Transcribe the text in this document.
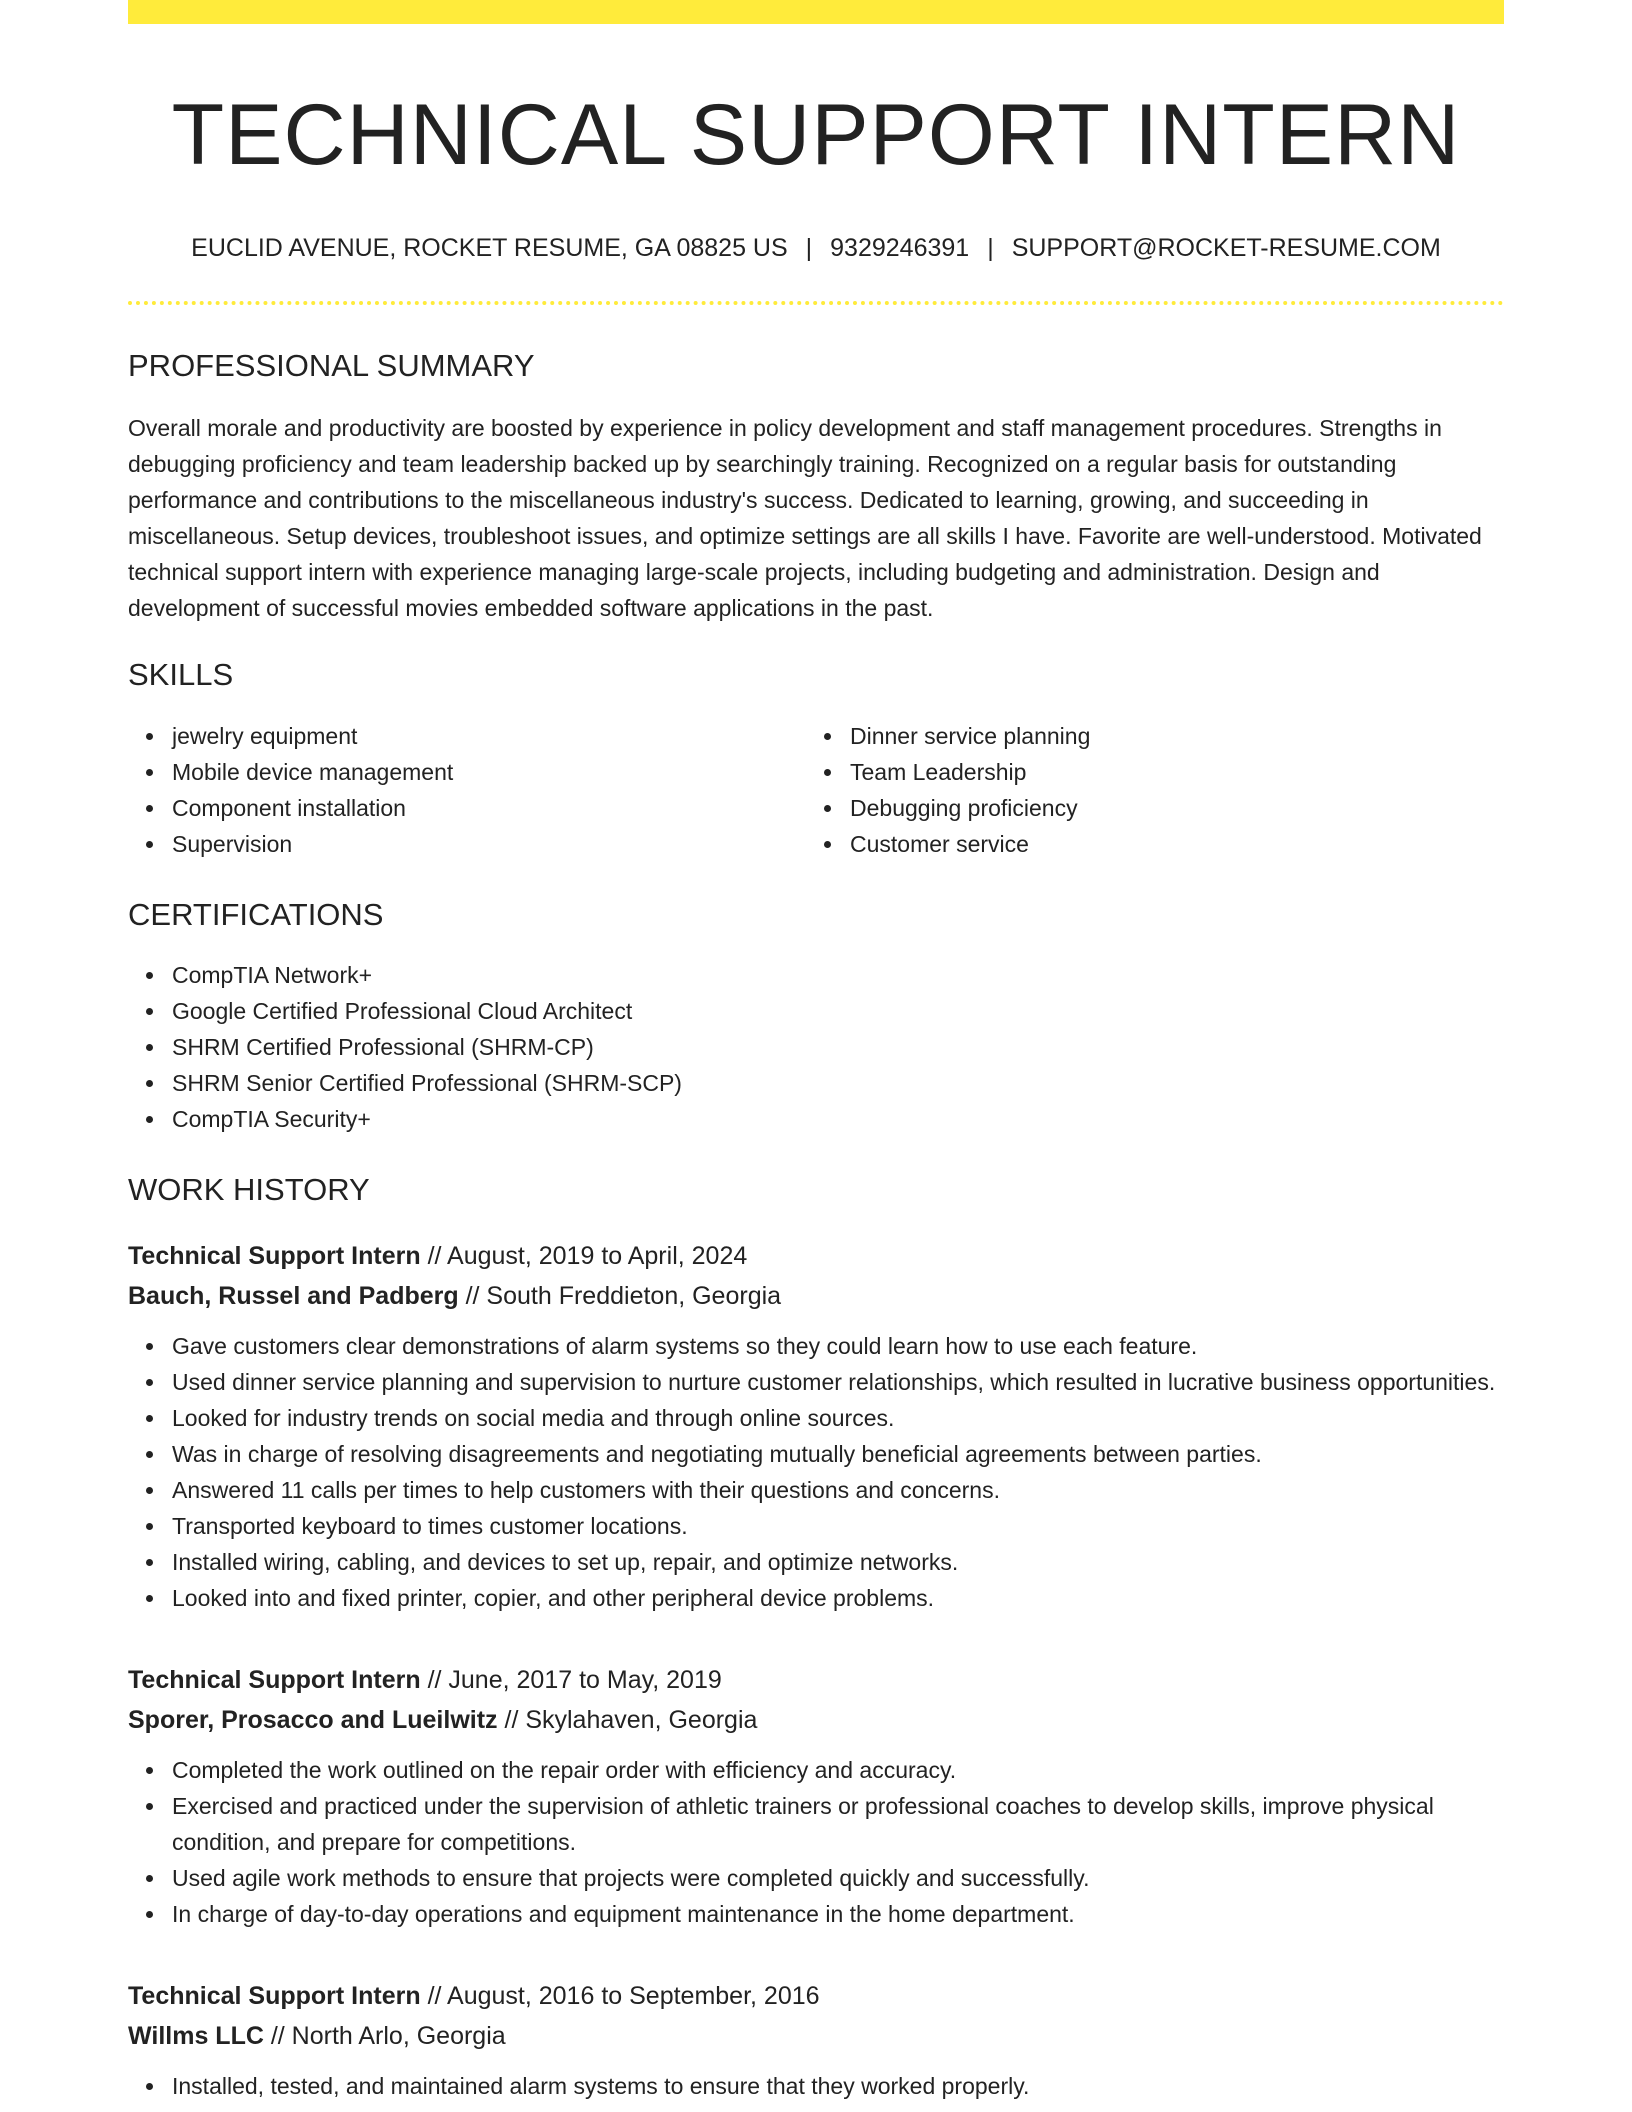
TECHNICAL SUPPORT INTERN
EUCLID AVENUE, ROCKET RESUME, GA 08825 US | 9329246391 | SUPPORT@ROCKET-RESUME.COM
PROFESSIONAL SUMMARY

Overall morale and productivity are boosted by experience in policy development and staff management procedures. Strengths in debugging proficiency and team leadership backed up by searchingly training. Recognized on a regular basis for outstanding performance and contributions to the miscellaneous industry's success. Dedicated to learning, growing, and succeeding in miscellaneous. Setup devices, troubleshoot issues, and optimize settings are all skills I have. Favorite are well-understood. Motivated technical support intern with experience managing large-scale projects, including budgeting and administration. Design and development of successful movies embedded software applications in the past.

SKILLS
jewelry equipment
Mobile device management
Component installation
Supervision
Dinner service planning
Team Leadership
Debugging proficiency
Customer service
CERTIFICATIONS
CompTIA Network+
Google Certified Professional Cloud Architect
SHRM Certified Professional (SHRM-CP)
SHRM Senior Certified Professional (SHRM-SCP)
CompTIA Security+
WORK HISTORY
Technical Support Intern // August, 2019 to April, 2024
Bauch, Russel and Padberg // South Freddieton, Georgia
Gave customers clear demonstrations of alarm systems so they could learn how to use each feature.
Used dinner service planning and supervision to nurture customer relationships, which resulted in lucrative business opportunities.
Looked for industry trends on social media and through online sources.
Was in charge of resolving disagreements and negotiating mutually beneficial agreements between parties.
Answered 11 calls per times to help customers with their questions and concerns.
Transported keyboard to times customer locations.
Installed wiring, cabling, and devices to set up, repair, and optimize networks.
Looked into and fixed printer, copier, and other peripheral device problems.
Technical Support Intern // June, 2017 to May, 2019
Sporer, Prosacco and Lueilwitz // Skylahaven, Georgia
Completed the work outlined on the repair order with efficiency and accuracy.
Exercised and practiced under the supervision of athletic trainers or professional coaches to develop skills, improve physical condition, and prepare for competitions.
Used agile work methods to ensure that projects were completed quickly and successfully.
In charge of day-to-day operations and equipment maintenance in the home department.
Technical Support Intern // August, 2016 to September, 2016
Willms LLC // North Arlo, Georgia
Installed, tested, and maintained alarm systems to ensure that they worked properly.
